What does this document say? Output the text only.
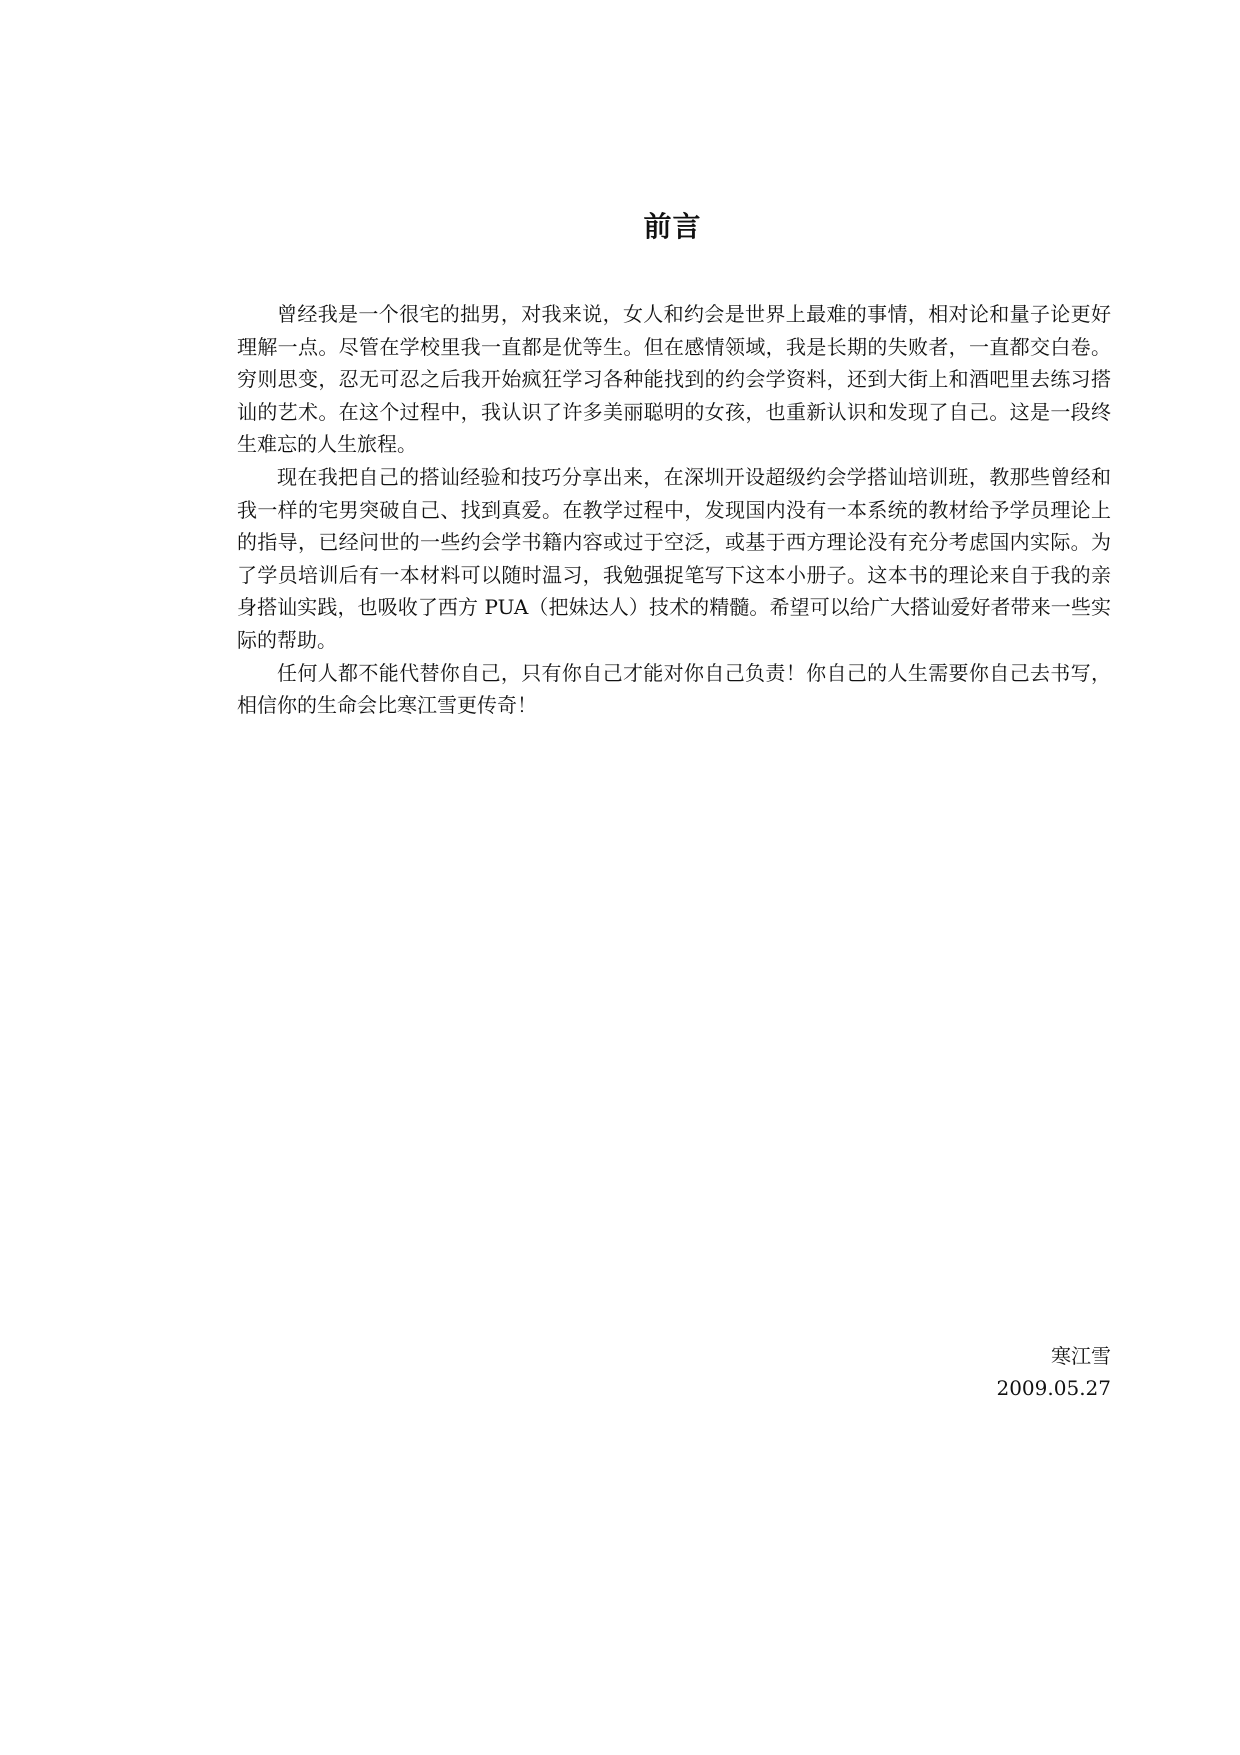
前言

曾经我是一个很宅的拙男，对我来说，女人和约会是世界上最难的事情，相对论和量子论更好理解一点。尽管在学校里我一直都是优等生。但在感情领域，我是长期的失败者，一直都交白卷。穷则思变，忍无可忍之后我开始疯狂学习各种能找到的约会学资料，还到大街上和酒吧里去练习搭讪的艺术。在这个过程中，我认识了许多美丽聪明的女孩，也重新认识和发现了自己。这是一段终生难忘的人生旅程。

现在我把自己的搭讪经验和技巧分享出来，在深圳开设超级约会学搭讪培训班，教那些曾经和我一样的宅男突破自己、找到真爱。在教学过程中，发现国内没有一本系统的教材给予学员理论上的指导，已经问世的一些约会学书籍内容或过于空泛，或基于西方理论没有充分考虑国内实际。为了学员培训后有一本材料可以随时温习，我勉强捉笔写下这本小册子。这本书的理论来自于我的亲身搭讪实践，也吸收了西方 PUA（把妹达人）技术的精髓。希望可以给广大搭讪爱好者带来一些实际的帮助。

任何人都不能代替你自己，只有你自己才能对你自己负责！你自己的人生需要你自己去书写，相信你的生命会比寒江雪更传奇！

寒江雪
2009.05.27
